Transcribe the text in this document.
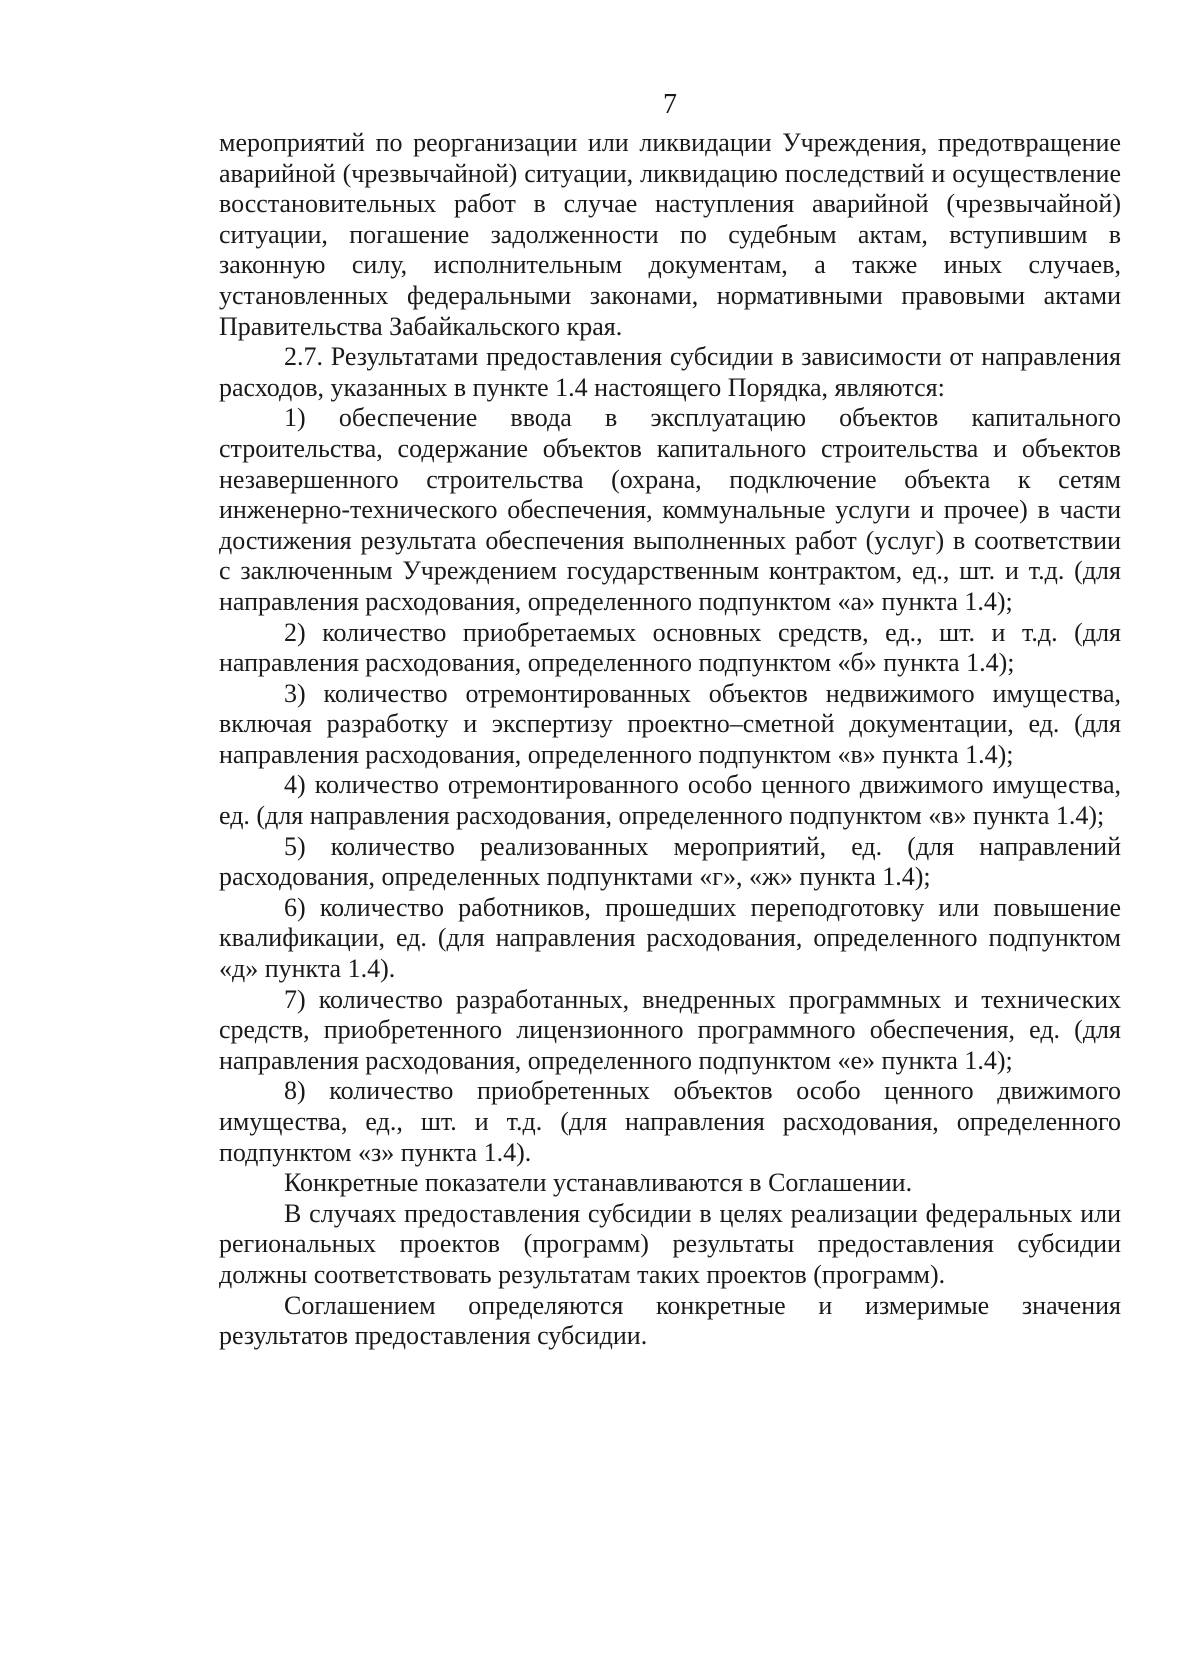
7

мероприятий по реорганизации или ликвидации Учреждения, предотвращение аварийной (чрезвычайной) ситуации, ликвидацию последствий и осуществление восстановительных работ в случае наступления аварийной (чрезвычайной) ситуации, погашение задолженности по судебным актам, вступившим в законную силу, исполнительным документам, а также иных случаев, установленных федеральными законами, нормативными правовыми актами Правительства Забайкальского края.

2.7. Результатами предоставления субсидии в зависимости от направления расходов, указанных в пункте 1.4 настоящего Порядка, являются:

1) обеспечение ввода в эксплуатацию объектов капитального строительства, содержание объектов капитального строительства и объектов незавершенного строительства (охрана, подключение объекта к сетям инженерно-технического обеспечения, коммунальные услуги и прочее) в части достижения результата обеспечения выполненных работ (услуг) в соответствии с заключенным Учреждением государственным контрактом, ед., шт. и т.д. (для направления расходования, определенного подпунктом «а» пункта 1.4);

2) количество приобретаемых основных средств, ед., шт. и т.д. (для направления расходования, определенного подпунктом «б» пункта 1.4);

3) количество отремонтированных объектов недвижимого имущества, включая разработку и экспертизу проектно–сметной документации, ед. (для направления расходования, определенного подпунктом «в» пункта 1.4);

4) количество отремонтированного особо ценного движимого имущества, ед. (для направления расходования, определенного подпунктом «в» пункта 1.4);

5) количество реализованных мероприятий, ед. (для направлений расходования, определенных подпунктами «г», «ж» пункта 1.4);

6) количество работников, прошедших переподготовку или повышение квалификации, ед. (для направления расходования, определенного подпунктом «д» пункта 1.4).

7) количество разработанных, внедренных программных и технических средств, приобретенного лицензионного программного обеспечения, ед. (для направления расходования, определенного подпунктом «е» пункта 1.4);

8) количество приобретенных объектов особо ценного движимого имущества, ед., шт. и т.д. (для направления расходования, определенного подпунктом «з» пункта 1.4).

Конкретные показатели устанавливаются в Соглашении.

В случаях предоставления субсидии в целях реализации федеральных или региональных проектов (программ) результаты предоставления субсидии должны соответствовать результатам таких проектов (программ).

Соглашением определяются конкретные и измеримые значения результатов предоставления субсидии.
